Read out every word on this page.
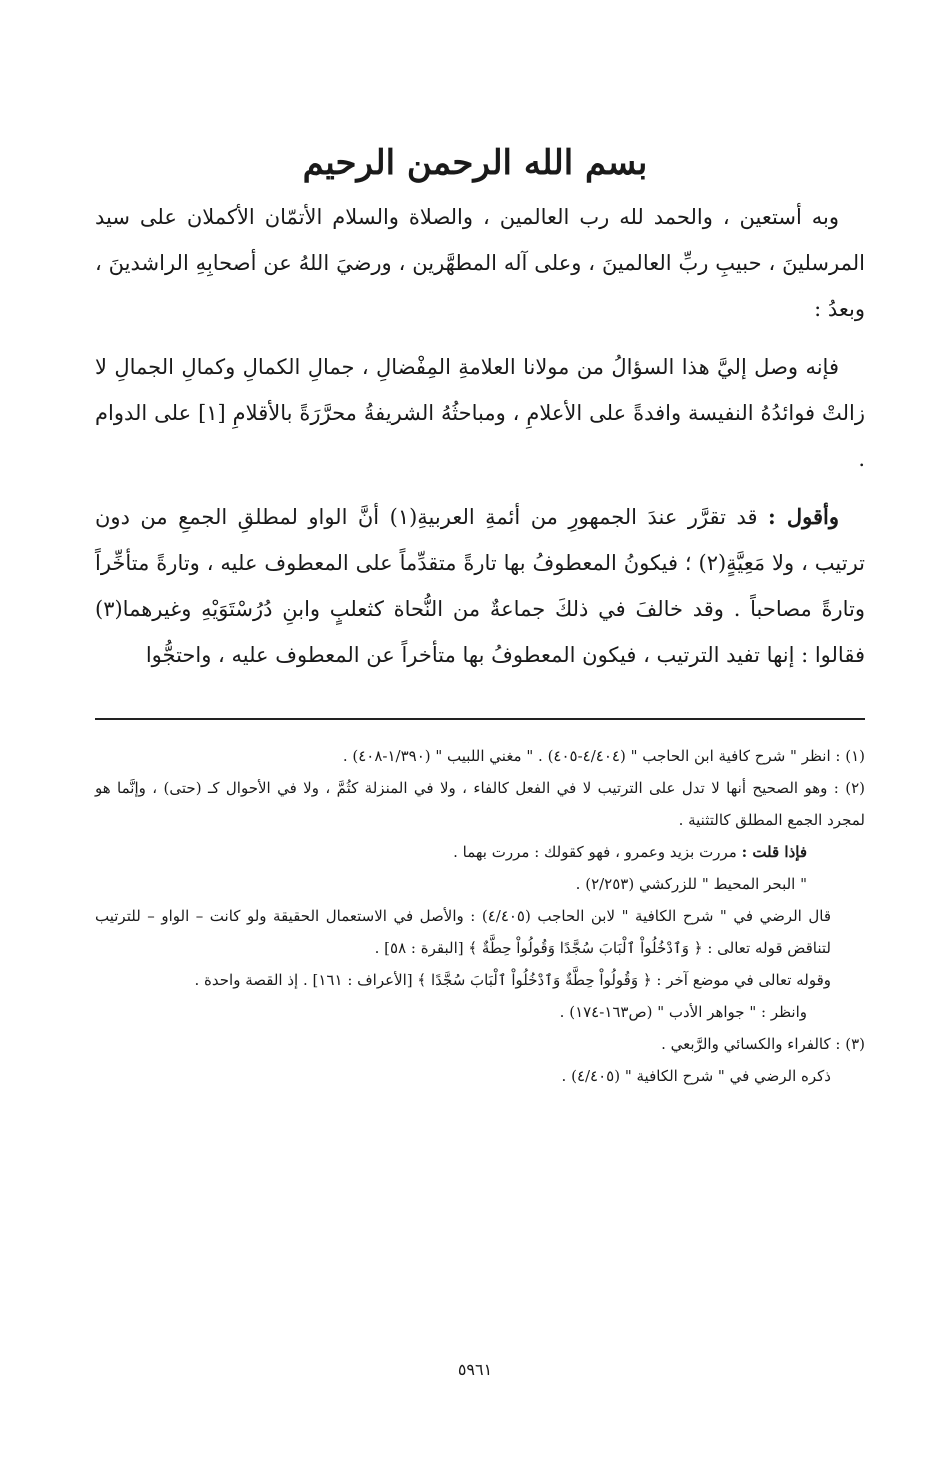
بسم الله الرحمن الرحيم

وبه أستعين ، والحمد لله رب العالمين ، والصلاة والسلام الأتمّان الأكملان على سيد المرسلينَ ، حبيبِ ربِّ العالمينَ ، وعلى آله المطهَّرين ، ورضيَ اللهُ عن أصحابِهِ الراشدينَ ، وبعدُ :

فإنه وصل إليَّ هذا السؤالُ من مولانا العلامةِ المِفْضالِ ، جمالِ الكمالِ وكمالِ الجمالِ لا زالتْ فوائدُهُ النفيسة وافدةً على الأعلامِ ، ومباحثُهُ الشريفةُ محرَّرَةً بالأقلامِ [١] على الدوام .

وأقول : قد تقرَّر عندَ الجمهورِ من أئمةِ العربيةِ(١) أنَّ الواو لمطلقِ الجمعِ من دون ترتيب ، ولا مَعِيَّةٍ(٢) ؛ فيكونُ المعطوفُ بها تارةً متقدِّماً على المعطوف عليه ، وتارةً متأخِّراً وتارةً مصاحباً . وقد خالفَ في ذلكَ جماعةٌ من النُّحاة كثعلبٍ وابنِ دُرُسْتَوَيْهِ وغيرهما(٣) فقالوا : إنها تفيد الترتيب ، فيكون المعطوفُ بها متأخراً عن المعطوف عليه ، واحتجُّوا

(١) : انظر " شرح كافية ابن الحاجب " (٤/٤٠٤-٤٠٥) . " مغني اللبيب " (١/٣٩٠-٤٠٨) .

(٢) : وهو الصحيح أنها لا تدل على الترتيب لا في الفعل كالفاء ، ولا في المنزلة كثُمَّ ، ولا في الأحوال كـ (حتى) ، وإنَّما هو لمجرد الجمع المطلق كالتثنية .

فإذا قلت : مررت بزيد وعمرو ، فهو كقولك : مررت بهما .

" البحر المحيط " للزركشي (٢/٢٥٣) .

قال الرضي في " شرح الكافية " لابن الحاجب (٤/٤٠٥) : والأصل في الاستعمال الحقيقة ولو كانت – الواو – للترتيب لتناقض قوله تعالى : ﴿ وَٱدْخُلُواْ ٱلْبَابَ سُجَّدًا وَقُولُواْ حِطَّةٌ ﴾ [البقرة : ٥٨] .

وقوله تعالى في موضع آخر : ﴿ وَقُولُواْ حِطَّةٌ وَٱدْخُلُواْ ٱلْبَابَ سُجَّدًا ﴾ [الأعراف : ١٦١] . إذ القصة واحدة .

وانظر : " جواهر الأدب " (ص١٦٣-١٧٤) .

(٣) : كالفراء والكسائي والرَّبعي .

ذكره الرضي في " شرح الكافية " (٤/٤٠٥) .

٥٩٦١
